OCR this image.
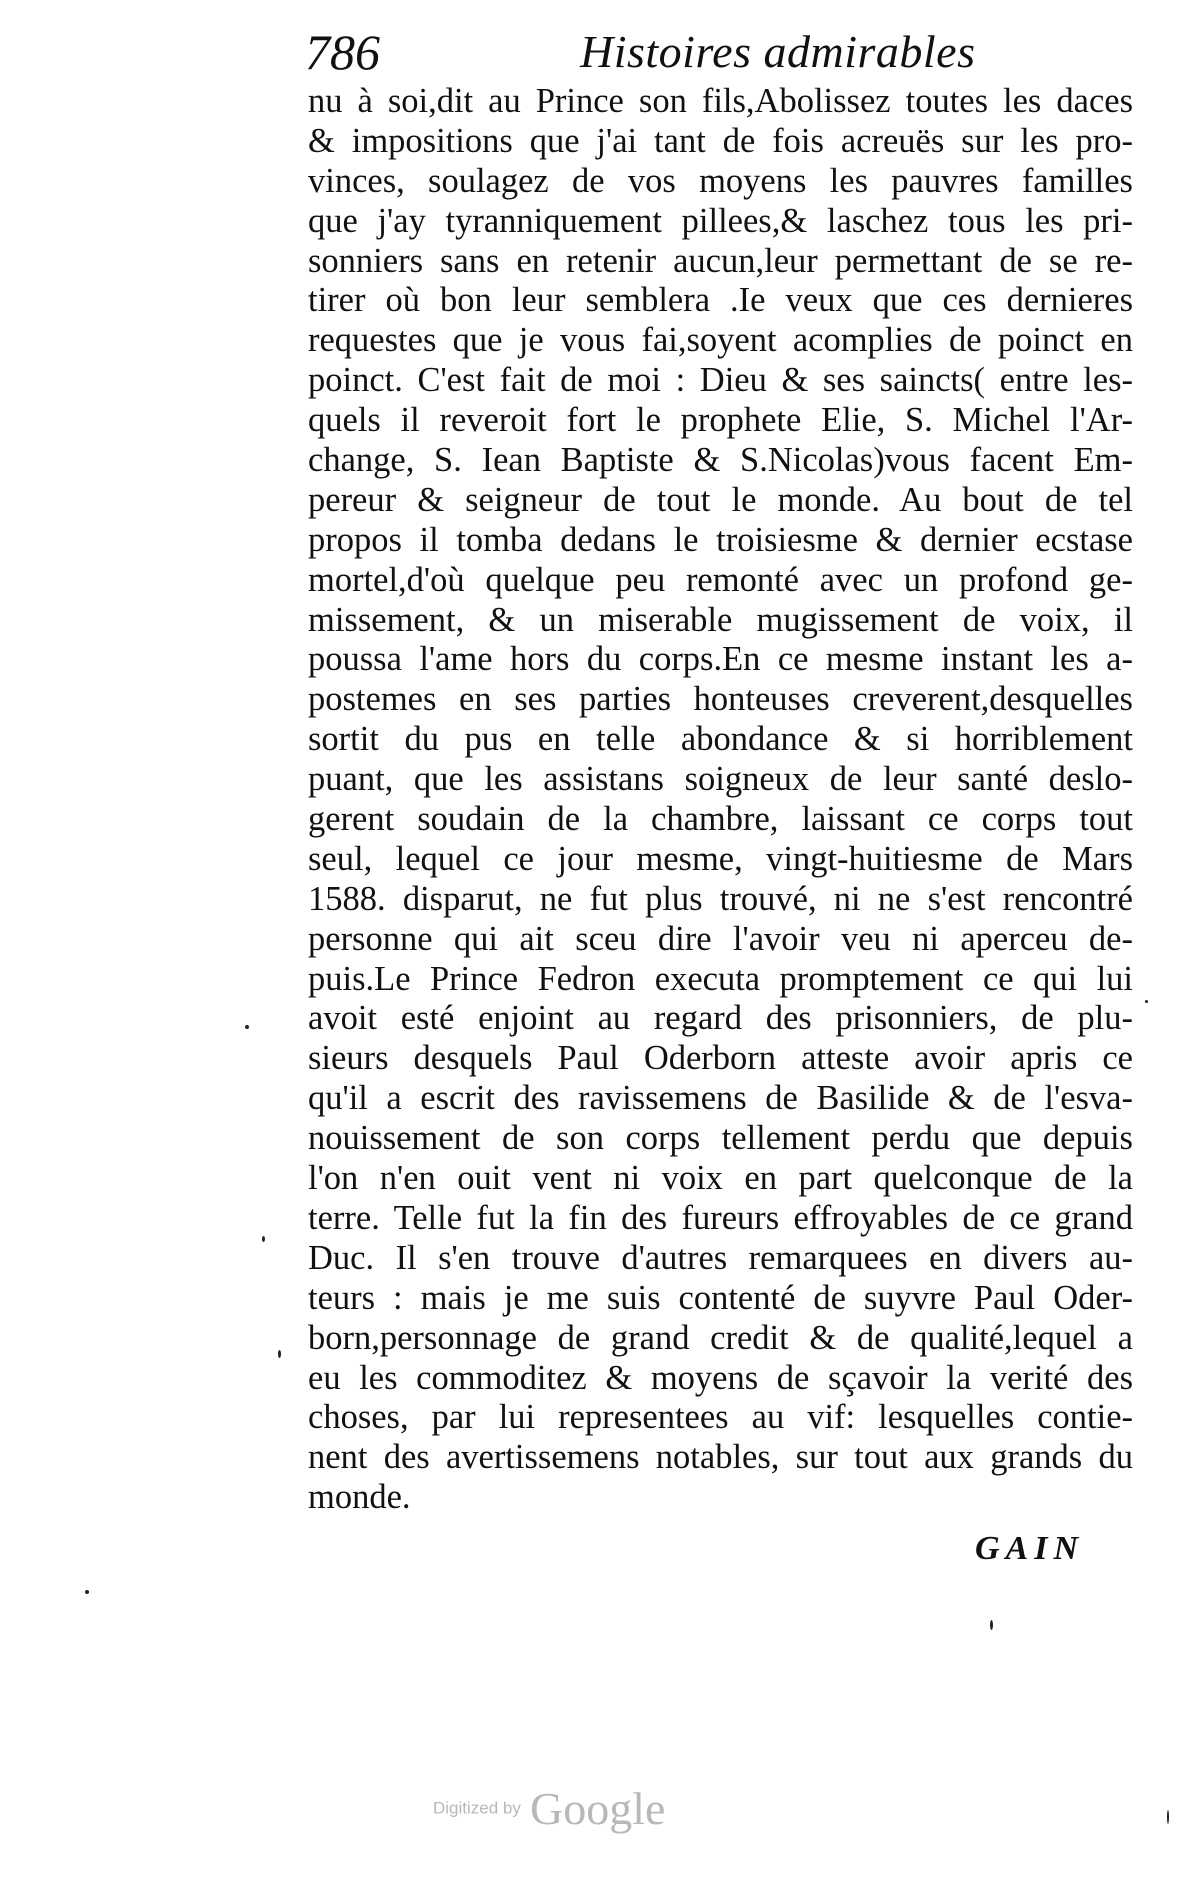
786	Histoires admirables
nu à soi,dit au Prince son fils,Abolissez toutes les daces
& impositions que j'ai tant de fois acreuës sur les pro-
vinces, soulagez de vos moyens les pauvres familles
que j'ay tyranniquement pillees,& laschez tous les pri-
sonniers sans en retenir aucun,leur permettant de se re-
tirer où bon leur semblera .Ie veux que ces dernieres
requestes que je vous fai,soyent acomplies de poinct en
poinct. C'est fait de moi : Dieu & ses saincts( entre les-
quels il reveroit fort le prophete Elie, S. Michel l'Ar-
change, S. Iean Baptiste & S.Nicolas)vous facent Em-
pereur & seigneur de tout le monde. Au bout de tel
propos il tomba dedans le troisiesme & dernier ecstase
mortel,d'où quelque peu remonté avec un profond ge-
missement, & un miserable mugissement de voix, il
poussa l'ame hors du corps.En ce mesme instant les a-
postemes en ses parties honteuses creverent,desquelles
sortit du pus en telle abondance & si horriblement
puant, que les assistans soigneux de leur santé deslo-
gerent soudain de la chambre, laissant ce corps tout
seul, lequel ce jour mesme, vingt-huitiesme de Mars
1588. disparut, ne fut plus trouvé, ni ne s'est rencontré
personne qui ait sceu dire l'avoir veu ni aperceu de-
puis.Le Prince Fedron executa promptement ce qui lui
avoit esté enjoint au regard des prisonniers, de plu-
sieurs desquels Paul Oderborn atteste avoir apris ce
qu'il a escrit des ravissemens de Basilide & de l'esva-
nouissement de son corps tellement perdu que depuis
l'on n'en ouit vent ni voix en part quelconque de la
terre. Telle fut la fin des fureurs effroyables de ce grand
Duc. Il s'en trouve d'autres remarquees en divers au-
teurs : mais je me suis contenté de suyvre Paul Oder-
born,personnage de grand credit & de qualité,lequel a
eu les commoditez & moyens de sçavoir la verité des
choses, par lui representees au vif: lesquelles contie-
nent des avertissemens notables, sur tout aux grands du
monde.
GAIN
Digitized by Google
